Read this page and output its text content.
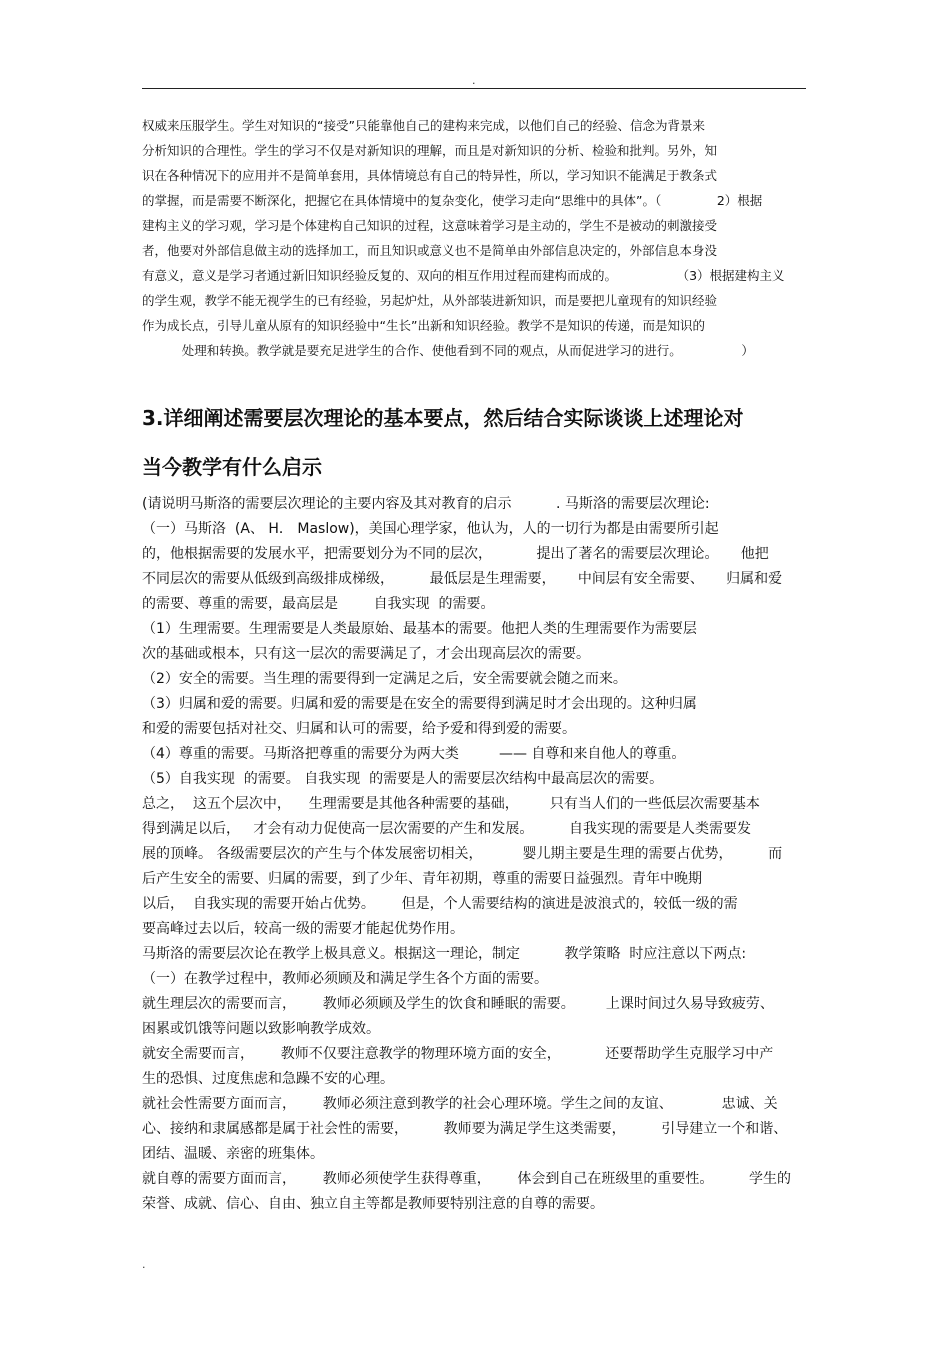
.
权威来压服学生。学生对知识的“接受”只能靠他自己的建构来完成，以他们自己的经验、信念为背景来
分析知识的合理性。学生的学习不仅是对新知识的理解，而且是对新知识的分析、检验和批判。另外，知
识在各种情况下的应用并不是简单套用，具体情境总有自己的特异性，所以，学习知识不能满足于教条式
的掌握，而是需要不断深化，把握它在具体情境中的复杂变化，使学习走向“思维中的具体”。（              2）根据
建构主义的学习观，学习是个体建构自己知识的过程，这意味着学习是主动的，学生不是被动的刺激接受
者，他要对外部信息做主动的选择加工，而且知识或意义也不是简单由外部信息决定的，外部信息本身没
有意义，意义是学习者通过新旧知识经验反复的、双向的相互作用过程而建构而成的。               （3）根据建构主义
的学生观，教学不能无视学生的已有经验，另起炉灶，从外部装进新知识，而是要把儿童现有的知识经验
作为成长点，引导儿童从原有的知识经验中“生长”出新和知识经验。教学不是知识的传递，而是知识的
处理和转换。教学就是要充足进学生的合作、使他看到不同的观点，从而促进学习的进行。               ）
3.详细阐述需要层次理论的基本要点，然后结合实际谈谈上述理论对
当今教学有什么启示
(请说明马斯洛的需要层次理论的主要内容及其对教育的启示          . 马斯洛的需要层次理论:
（一）马斯洛  (A、 H． Maslow)，美国心理学家，他认为，人的一切行为都是由需要所引起
的，他根据需要的发展水平，把需要划分为不同的层次，          提出了著名的需要层次理论。     他把
不同层次的需要从低级到高级排成梯级，        最低层是生理需要，     中间层有安全需要、     归属和爱
的需要、尊重的需要，最高层是        自我实现  的需要。
（1）生理需要。生理需要是人类最原始、最基本的需要。他把人类的生理需要作为需要层
次的基础或根本，只有这一层次的需要满足了，才会出现高层次的需要。
（2）安全的需要。当生理的需要得到一定满足之后，安全需要就会随之而来。
（3）归属和爱的需要。归属和爱的需要是在安全的需要得到满足时才会出现的。这种归属
和爱的需要包括对社交、归属和认可的需要，给予爱和得到爱的需要。
（4）尊重的需要。马斯洛把尊重的需要分为两大类         —— 自尊和来自他人的尊重。
（5）自我实现  的需要。 自我实现  的需要是人的需要层次结构中最高层次的需要。
总之，  这五个层次中，    生理需要是其他各种需要的基础，       只有当人们的一些低层次需要基本
得到满足以后，   才会有动力促使高一层次需要的产生和发展。        自我实现的需要是人类需要发
展的顶峰。 各级需要层次的产生与个体发展密切相关，         婴儿期主要是生理的需要占优势，        而
后产生安全的需要、归属的需要，到了少年、青年初期，尊重的需要日益强烈。青年中晚期
以后，  自我实现的需要开始占优势。      但是，个人需要结构的演进是波浪式的，较低一级的需
要高峰过去以后，较高一级的需要才能起优势作用。
马斯洛的需要层次论在教学上极具意义。根据这一理论，制定          教学策略  时应注意以下两点:
（一）在教学过程中，教师必须顾及和满足学生各个方面的需要。
就生理层次的需要而言，      教师必须顾及学生的饮食和睡眠的需要。       上课时间过久易导致疲劳、
困累或饥饿等问题以致影响教学成效。
就安全需要而言，      教师不仅要注意教学的物理环境方面的安全，          还要帮助学生克服学习中产
生的恐惧、过度焦虑和急躁不安的心理。
就社会性需要方面而言，      教师必须注意到教学的社会心理环境。学生之间的友谊、           忠诚、关
心、接纳和隶属感都是属于社会性的需要，        教师要为满足学生这类需要，        引导建立一个和谐、
团结、温暖、亲密的班集体。
就自尊的需要方面而言，      教师必须使学生获得尊重，      体会到自己在班级里的重要性。        学生的
荣誉、成就、信心、自由、独立自主等都是教师要特别注意的自尊的需要。
.
